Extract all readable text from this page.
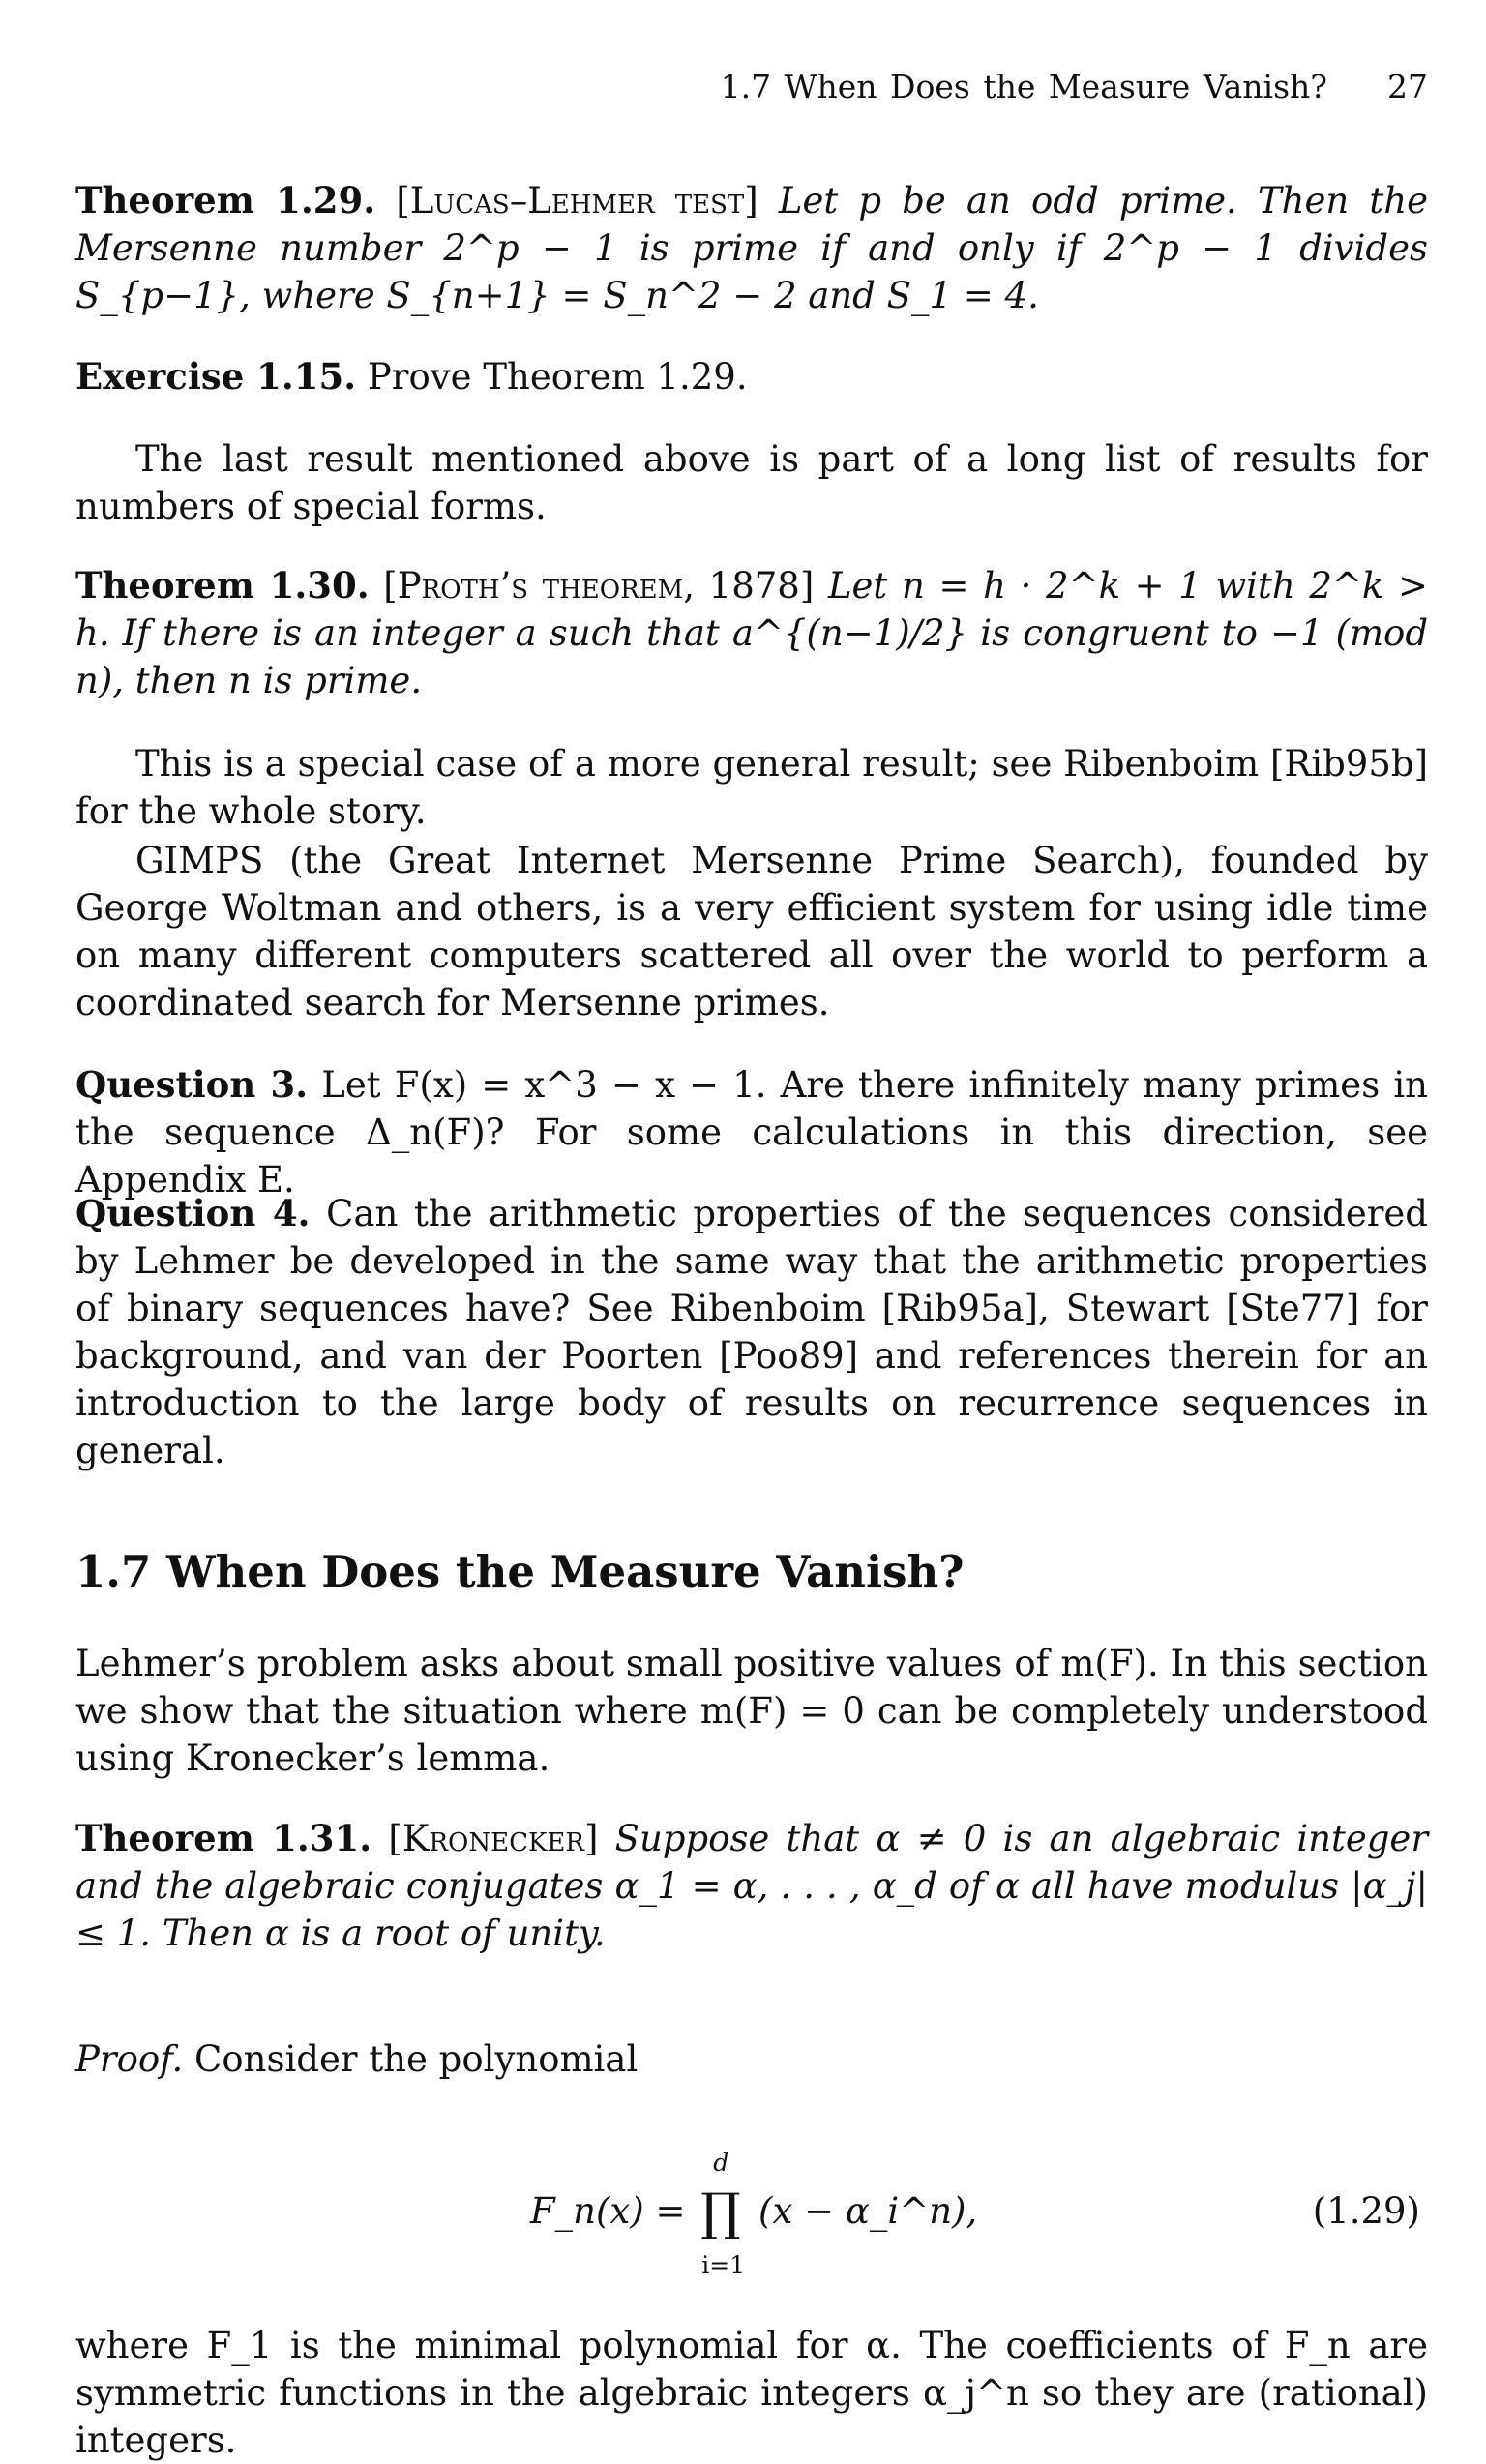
1.7 When Does the Measure Vanish? 27
Theorem 1.29. [Lucas–Lehmer test] Let p be an odd prime. Then the Mersenne number 2^p − 1 is prime if and only if 2^p − 1 divides S_{p−1}, where S_{n+1} = S_n^2 − 2 and S_1 = 4.
Exercise 1.15. Prove Theorem 1.29.
The last result mentioned above is part of a long list of results for numbers of special forms.
Theorem 1.30. [Proth’s theorem, 1878] Let n = h · 2^k + 1 with 2^k > h. If there is an integer a such that a^{(n−1)/2} is congruent to −1 (mod n), then n is prime.
This is a special case of a more general result; see Ribenboim [Rib95b] for the whole story.
GIMPS (the Great Internet Mersenne Prime Search), founded by George Woltman and others, is a very efficient system for using idle time on many different computers scattered all over the world to perform a coordinated search for Mersenne primes.
Question 3. Let F(x) = x^3 − x − 1. Are there infinitely many primes in the sequence Δ_n(F)? For some calculations in this direction, see Appendix E.
Question 4. Can the arithmetic properties of the sequences considered by Lehmer be developed in the same way that the arithmetic properties of binary sequences have? See Ribenboim [Rib95a], Stewart [Ste77] for background, and van der Poorten [Poo89] and references therein for an introduction to the large body of results on recurrence sequences in general.
1.7 When Does the Measure Vanish?
Lehmer’s problem asks about small positive values of m(F). In this section we show that the situation where m(F) = 0 can be completely understood using Kronecker’s lemma.
Theorem 1.31. [Kronecker] Suppose that α ≠ 0 is an algebraic integer and the algebraic conjugates α_1 = α, . . . , α_d of α all have modulus |α_j| ≤ 1. Then α is a root of unity.
Proof. Consider the polynomial
F_n(x) = ∏
d
i=1
(x − α_i^n),	(1.29)
where F_1 is the minimal polynomial for α. The coefficients of F_n are symmetric functions in the algebraic integers α_j^n so they are (rational) integers.
